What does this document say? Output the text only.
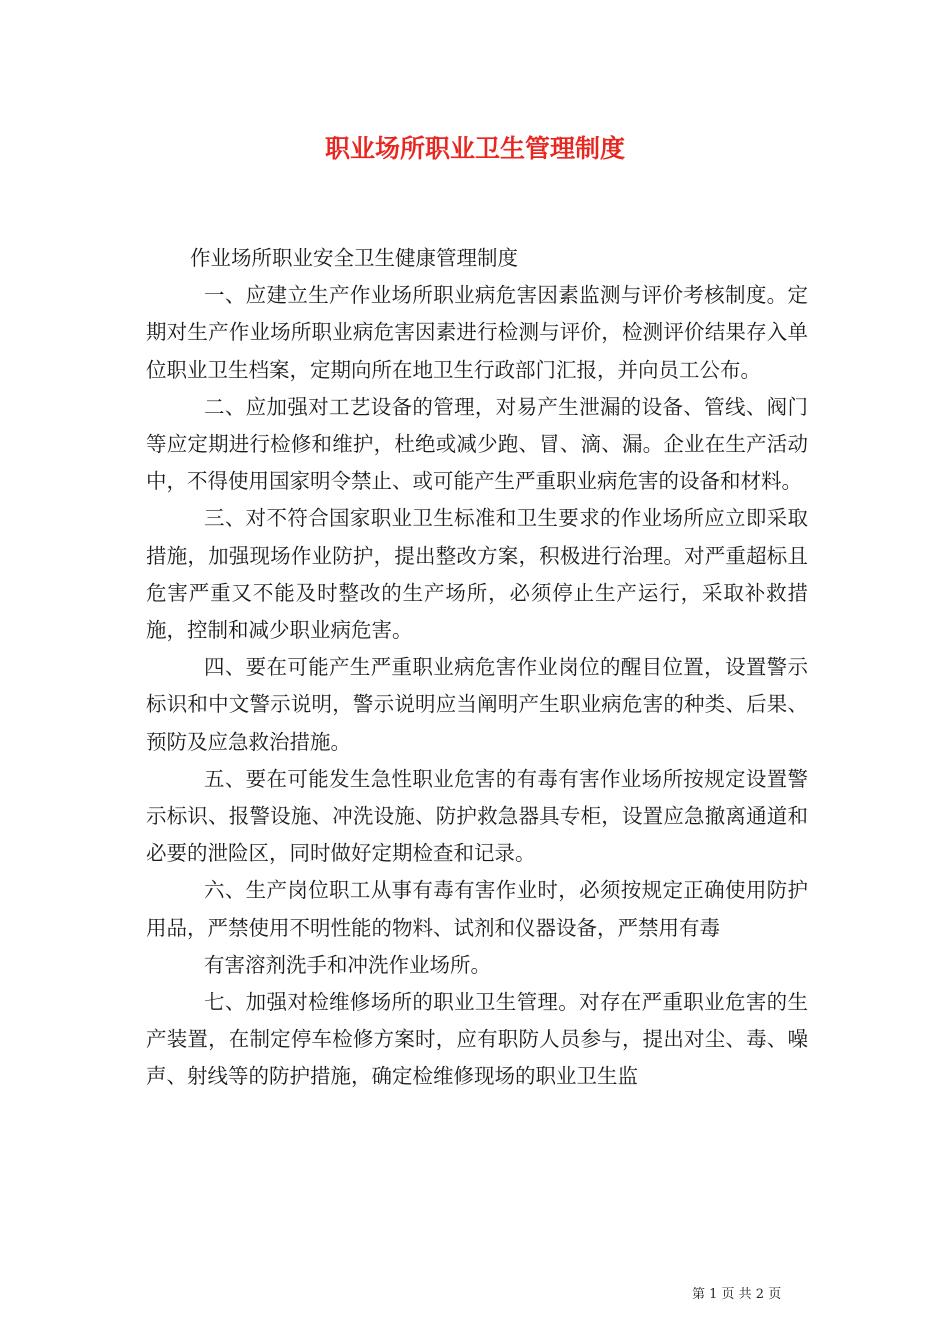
职业场所职业卫生管理制度

作业场所职业安全卫生健康管理制度

一、应建立生产作业场所职业病危害因素监测与评价考核制度。定期对生产作业场所职业病危害因素进行检测与评价，检测评价结果存入单位职业卫生档案，定期向所在地卫生行政部门汇报，并向员工公布。

二、应加强对工艺设备的管理，对易产生泄漏的设备、管线、阀门等应定期进行检修和维护，杜绝或减少跑、冒、滴、漏。企业在生产活动中，不得使用国家明令禁止、或可能产生严重职业病危害的设备和材料。

三、对不符合国家职业卫生标准和卫生要求的作业场所应立即采取措施，加强现场作业防护，提出整改方案，积极进行治理。对严重超标且危害严重又不能及时整改的生产场所，必须停止生产运行，采取补救措施，控制和减少职业病危害。

四、要在可能产生严重职业病危害作业岗位的醒目位置，设置警示标识和中文警示说明，警示说明应当阐明产生职业病危害的种类、后果、预防及应急救治措施。

五、要在可能发生急性职业危害的有毒有害作业场所按规定设置警示标识、报警设施、冲洗设施、防护救急器具专柜，设置应急撤离通道和必要的泄险区，同时做好定期检查和记录。

六、生产岗位职工从事有毒有害作业时，必须按规定正确使用防护用品，严禁使用不明性能的物料、试剂和仪器设备，严禁用有毒

有害溶剂洗手和冲洗作业场所。

七、加强对检维修场所的职业卫生管理。对存在严重职业危害的生产装置，在制定停车检修方案时，应有职防人员参与，提出对尘、毒、噪声、射线等的防护措施，确定检维修现场的职业卫生监

第 1 页 共 2 页
